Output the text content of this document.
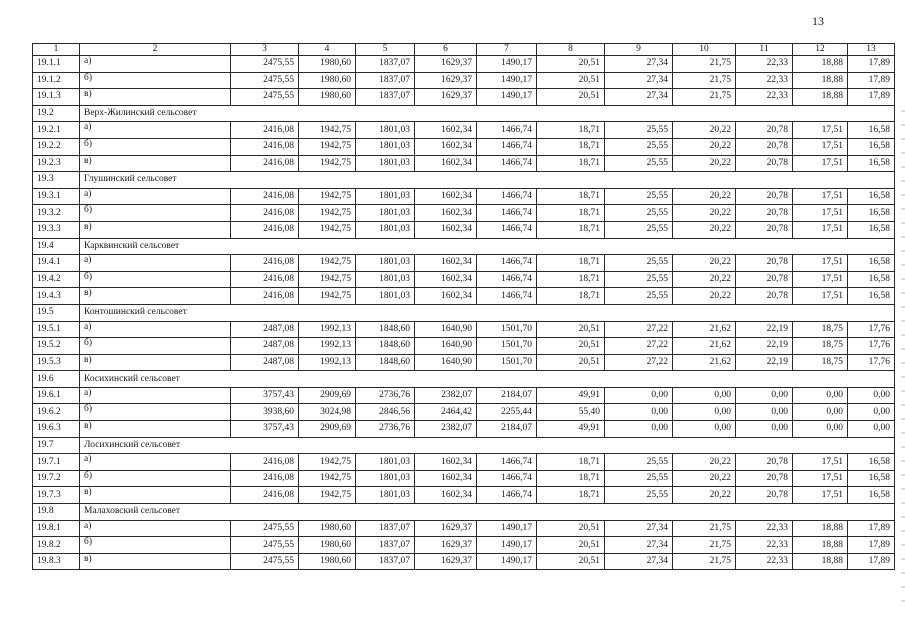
13
1	2	3	4	5	6	7	8	9	10	11	12	13
19.1.1	а)	2475,55	1980,60	1837,07	1629,37	1490,17	20,51	27,34	21,75	22,33	18,88	17,89
19.1.2	б)	2475,55	1980,60	1837,07	1629,37	1490,17	20,51	27,34	21,75	22,33	18,88	17,89
19.1.3	в)	2475,55	1980,60	1837,07	1629,37	1490,17	20,51	27,34	21,75	22,33	18,88	17,89
19.2	Верх-Жилинский сельсовет											
19.2.1	а)	2416,08	1942,75	1801,03	1602,34	1466,74	18,71	25,55	20,22	20,78	17,51	16,58
19.2.2	б)	2416,08	1942,75	1801,03	1602,34	1466,74	18,71	25,55	20,22	20,78	17,51	16,58
19.2.3	в)	2416,08	1942,75	1801,03	1602,34	1466,74	18,71	25,55	20,22	20,78	17,51	16,58
19.3	Глушинский сельсовет											
19.3.1	а)	2416,08	1942,75	1801,03	1602,34	1466,74	18,71	25,55	20,22	20,78	17,51	16,58
19.3.2	б)	2416,08	1942,75	1801,03	1602,34	1466,74	18,71	25,55	20,22	20,78	17,51	16,58
19.3.3	в)	2416,08	1942,75	1801,03	1602,34	1466,74	18,71	25,55	20,22	20,78	17,51	16,58
19.4	Карквинский сельсовет											
19.4.1	а)	2416,08	1942,75	1801,03	1602,34	1466,74	18,71	25,55	20,22	20,78	17,51	16,58
19.4.2	б)	2416,08	1942,75	1801,03	1602,34	1466,74	18,71	25,55	20,22	20,78	17,51	16,58
19.4.3	в)	2416,08	1942,75	1801,03	1602,34	1466,74	18,71	25,55	20,22	20,78	17,51	16,58
19.5	Контошинский сельсовет											
19.5.1	а)	2487,08	1992,13	1848,60	1640,90	1501,70	20,51	27,22	21,62	22,19	18,75	17,76
19.5.2	б)	2487,08	1992,13	1848,60	1640,90	1501,70	20,51	27,22	21,62	22,19	18,75	17,76
19.5.3	в)	2487,08	1992,13	1848,60	1640,90	1501,70	20,51	27,22	21,62	22,19	18,75	17,76
19.6	Косихинский сельсовет											
19.6.1	а)	3757,43	2909,69	2736,76	2382,07	2184,07	49,91	0,00	0,00	0,00	0,00	0,00
19.6.2	б)	3938,60	3024,98	2846,56	2464,42	2255,44	55,40	0,00	0,00	0,00	0,00	0,00
19.6.3	в)	3757,43	2909,69	2736,76	2382,07	2184,07	49,91	0,00	0,00	0,00	0,00	0,00
19.7	Лосихинский сельсовет											
19.7.1	а)	2416,08	1942,75	1801,03	1602,34	1466,74	18,71	25,55	20,22	20,78	17,51	16,58
19.7.2	б)	2416,08	1942,75	1801,03	1602,34	1466,74	18,71	25,55	20,22	20,78	17,51	16,58
19.7.3	в)	2416,08	1942,75	1801,03	1602,34	1466,74	18,71	25,55	20,22	20,78	17,51	16,58
19.8	Малаховский сельсовет											
19.8.1	а)	2475,55	1980,60	1837,07	1629,37	1490,17	20,51	27,34	21,75	22,33	18,88	17,89
19.8.2	б)	2475,55	1980,60	1837,07	1629,37	1490,17	20,51	27,34	21,75	22,33	18,88	17,89
19.8.3	в)	2475,55	1980,60	1837,07	1629,37	1490,17	20,51	27,34	21,75	22,33	18,88	17,89
